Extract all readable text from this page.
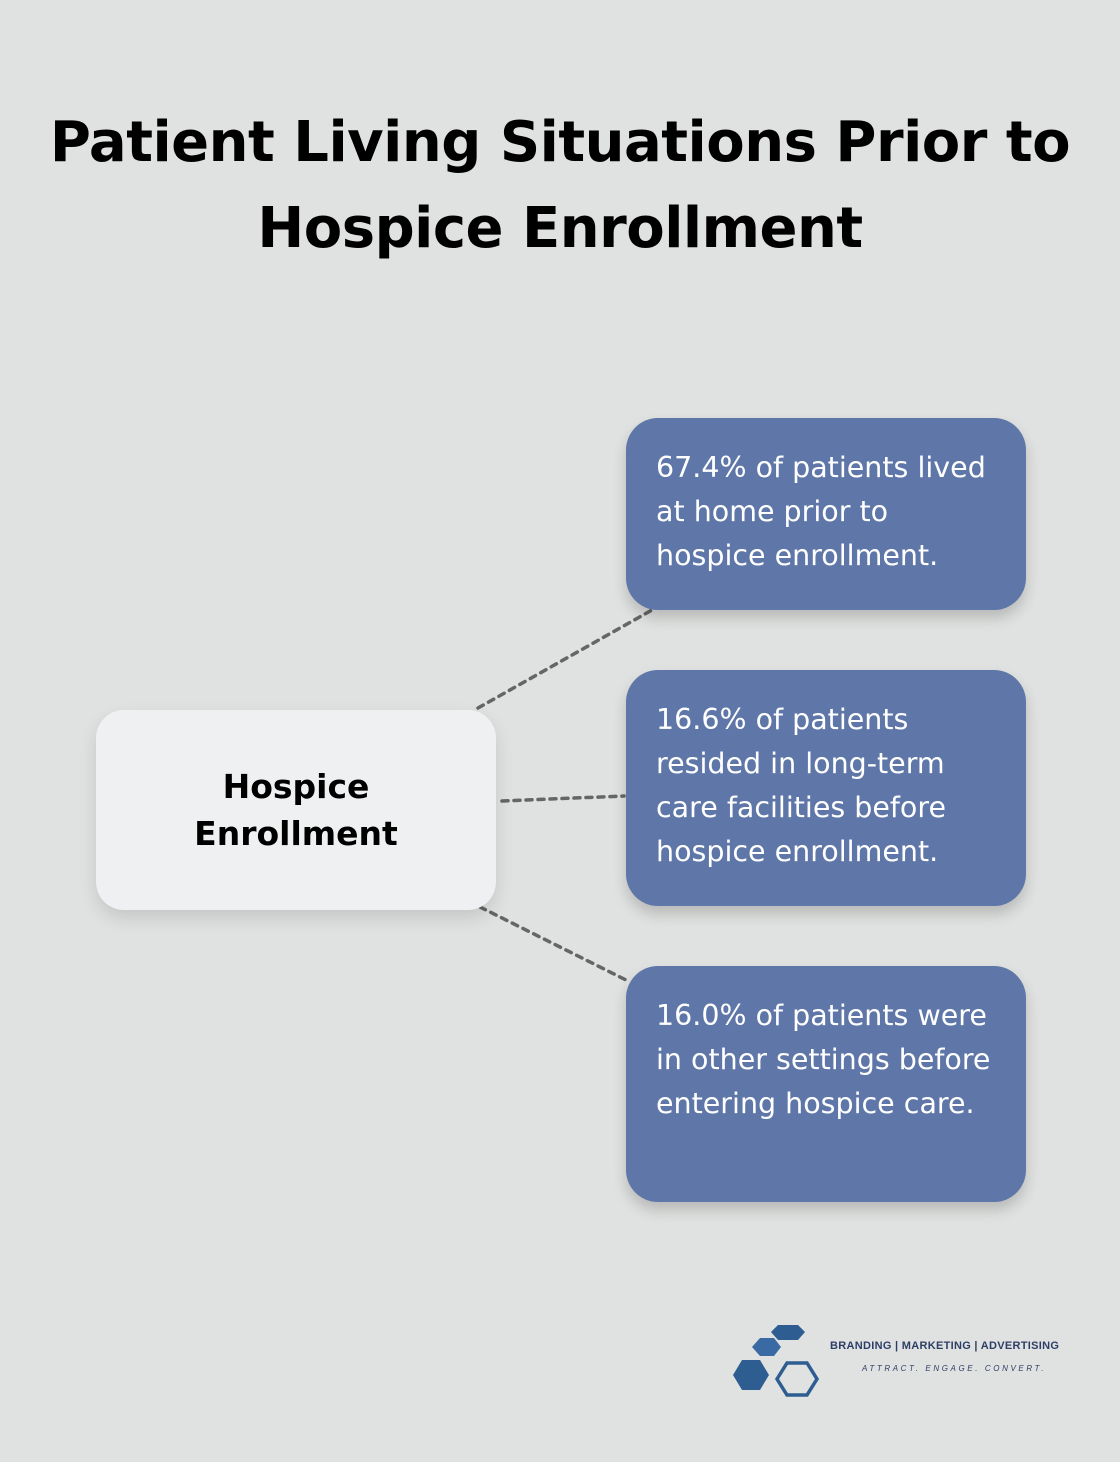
Patient Living Situations Prior to Hospice Enrollment
Hospice Enrollment

67.4% of patients lived at home prior to hospice enrollment.

16.6% of patients resided in long-term care facilities before hospice enrollment.

16.0% of patients were in other settings before entering hospice care.

BRANDING | MARKETING | ADVERTISING
ATTRACT. ENGAGE. CONVERT.
